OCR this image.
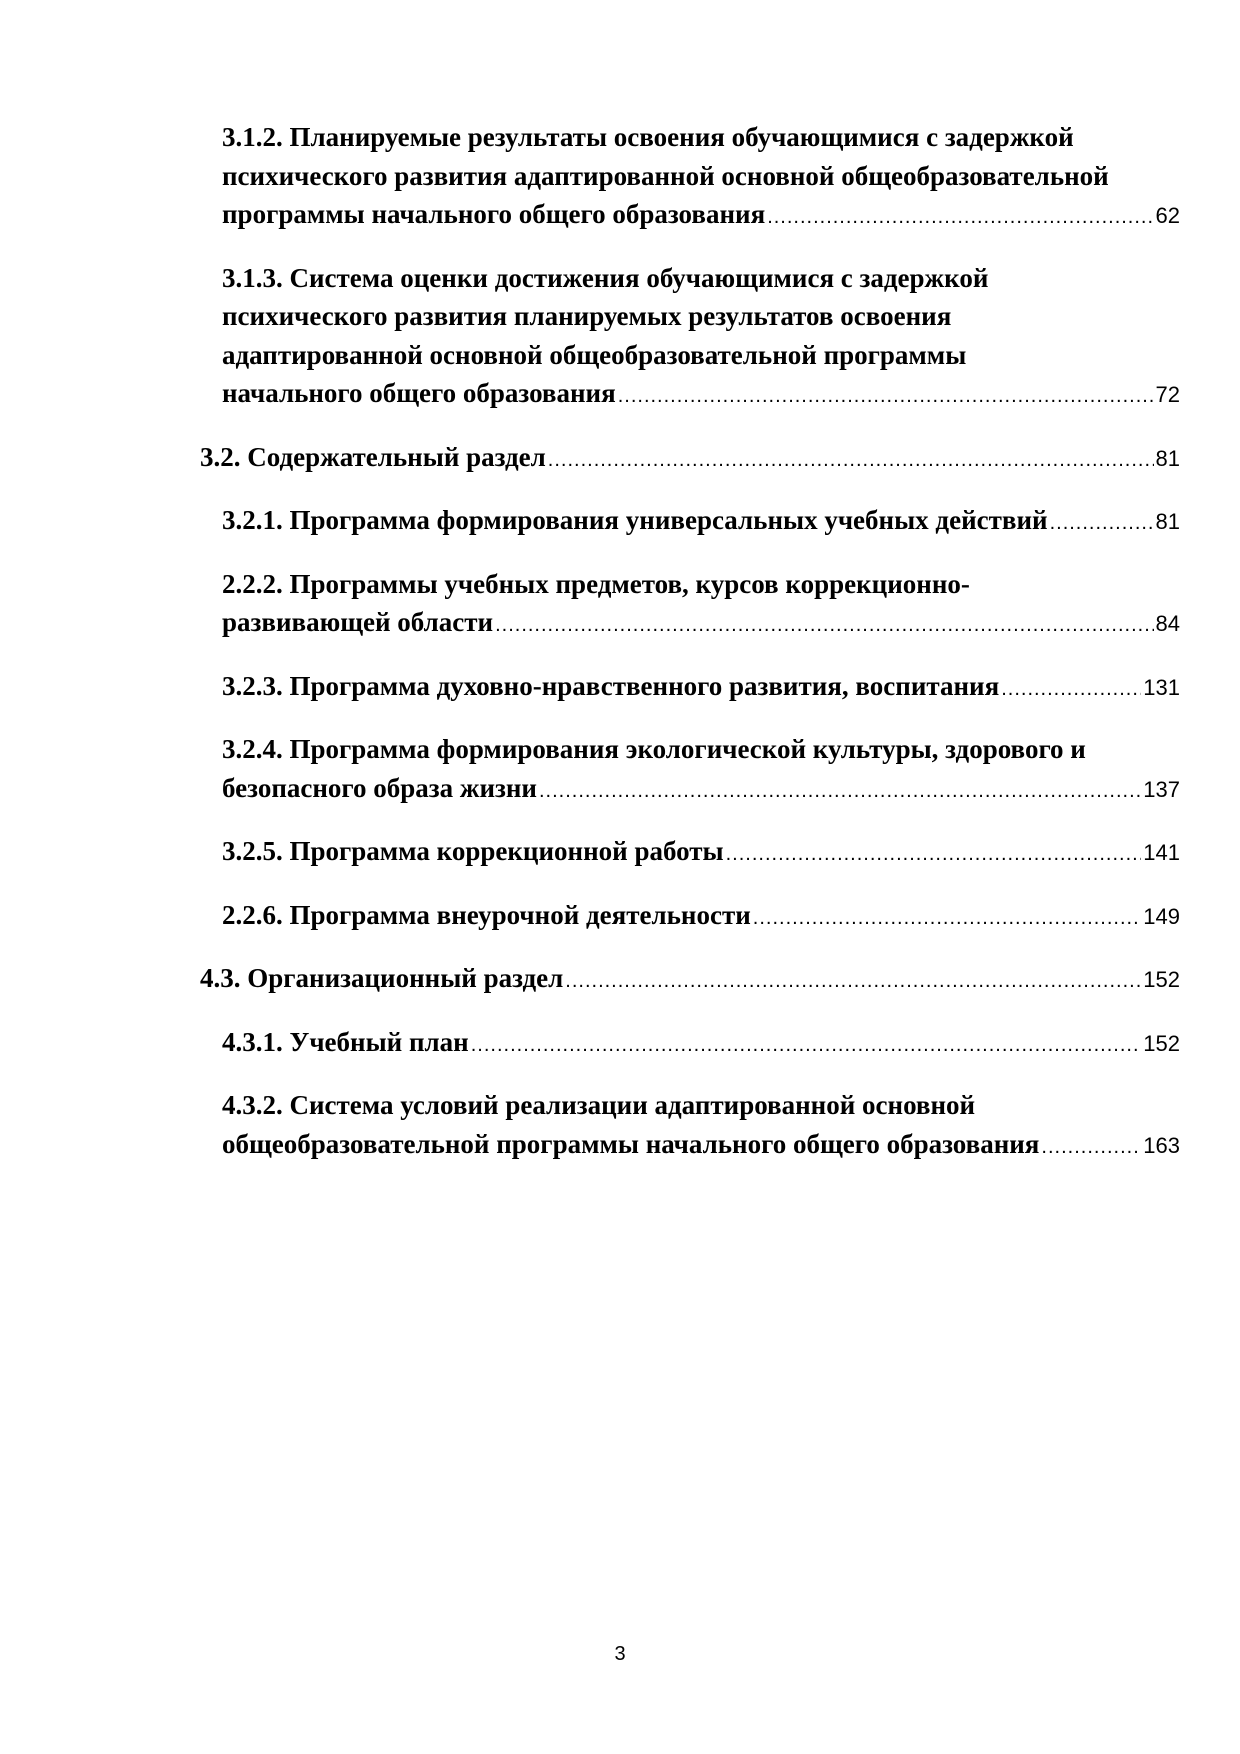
3.1.2. Планируемые результаты освоения обучающимися с задержкой
психического развития адаптированной основной общеобразовательной
программы начального общего образования .....	62
3.1.3. Система оценки достижения обучающимися с задержкой
психического развития планируемых результатов освоения
адаптированной основной общеобразовательной программы
начального общего образования .....	72
3.2. Содержательный раздел .....	81
3.2.1. Программа формирования универсальных учебных действий .....	81
2.2.2. Программы учебных предметов, курсов коррекционно-
развивающей области .....	84
3.2.3. Программа духовно-нравственного развития, воспитания .....	131
3.2.4. Программа формирования экологической культуры, здорового и
безопасного образа жизни .....	137
3.2.5. Программа коррекционной работы .....	141
2.2.6. Программа внеурочной деятельности .....	149
4.3. Организационный раздел .....	152
4.3.1. Учебный план .....	152
4.3.2. Система условий реализации адаптированной основной
общеобразовательной программы начального общего образования .....	163
3
